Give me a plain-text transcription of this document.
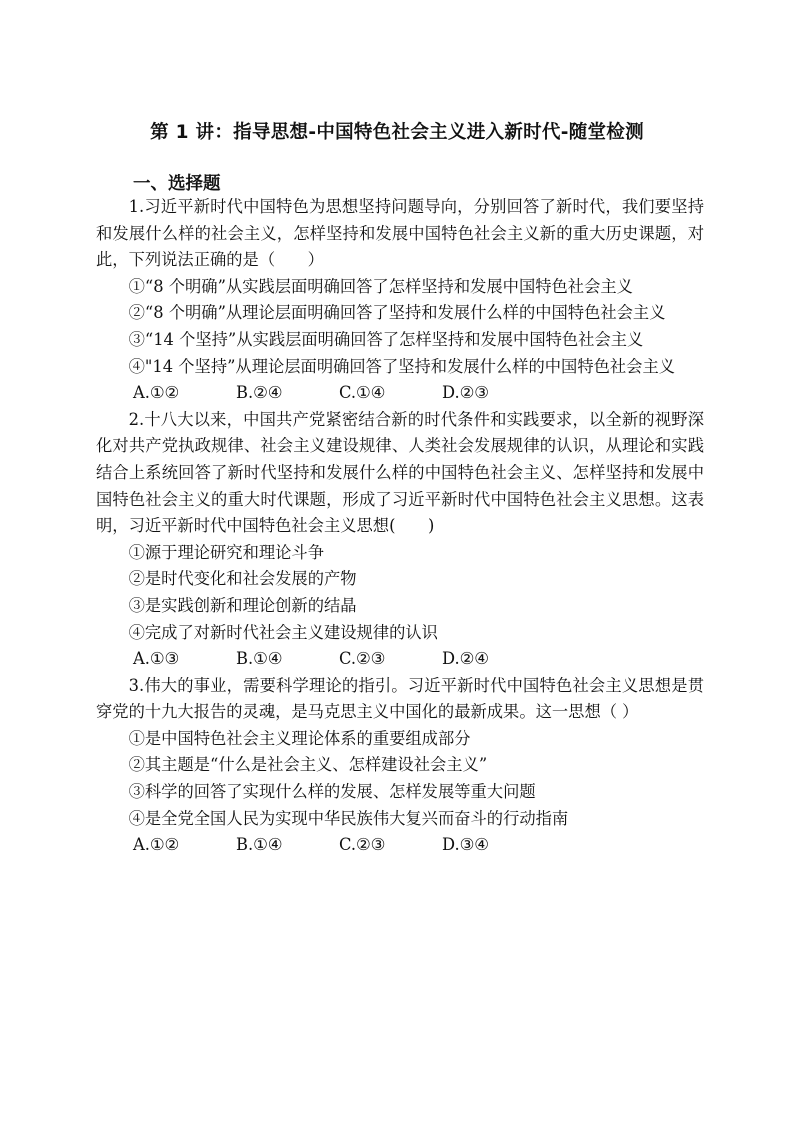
第 1 讲：指导思想-中国特色社会主义进入新时代-随堂检测
一、选择题

1.习近平新时代中国特色为思想坚持问题导向，分别回答了新时代，我们要坚持和发展什么样的社会主义，怎样坚持和发展中国特色社会主义新的重大历史课题，对此，下列说法正确的是（　　）

①“8 个明确”从实践层面明确回答了怎样坚持和发展中国特色社会主义

②“8 个明确”从理论层面明确回答了坚持和发展什么样的中国特色社会主义

③“14 个坚持”从实践层面明确回答了怎样坚持和发展中国特色社会主义

④"14 个坚持”从理论层面明确回答了坚持和发展什么样的中国特色社会主义

A.①②	B.②④	C.①④	D.②③

2.十八大以来，中国共产党紧密结合新的时代条件和实践要求，以全新的视野深化对共产党执政规律、社会主义建设规律、人类社会发展规律的认识，从理论和实践结合上系统回答了新时代坚持和发展什么样的中国特色社会主义、怎样坚持和发展中国特色社会主义的重大时代课题，形成了习近平新时代中国特色社会主义思想。这表明，习近平新时代中国特色社会主义思想(　　)

①源于理论研究和理论斗争

②是时代变化和社会发展的产物

③是实践创新和理论创新的结晶

④完成了对新时代社会主义建设规律的认识

A.①③	B.①④	C.②③	D.②④

3.伟大的事业，需要科学理论的指引。习近平新时代中国特色社会主义思想是贯穿党的十九大报告的灵魂，是马克思主义中国化的最新成果。这一思想（ ）

①是中国特色社会主义理论体系的重要组成部分

②其主题是“什么是社会主义、怎样建设社会主义”

③科学的回答了实现什么样的发展、怎样发展等重大问题

④是全党全国人民为实现中华民族伟大复兴而奋斗的行动指南

A.①②	B.①④	C.②③	D.③④
